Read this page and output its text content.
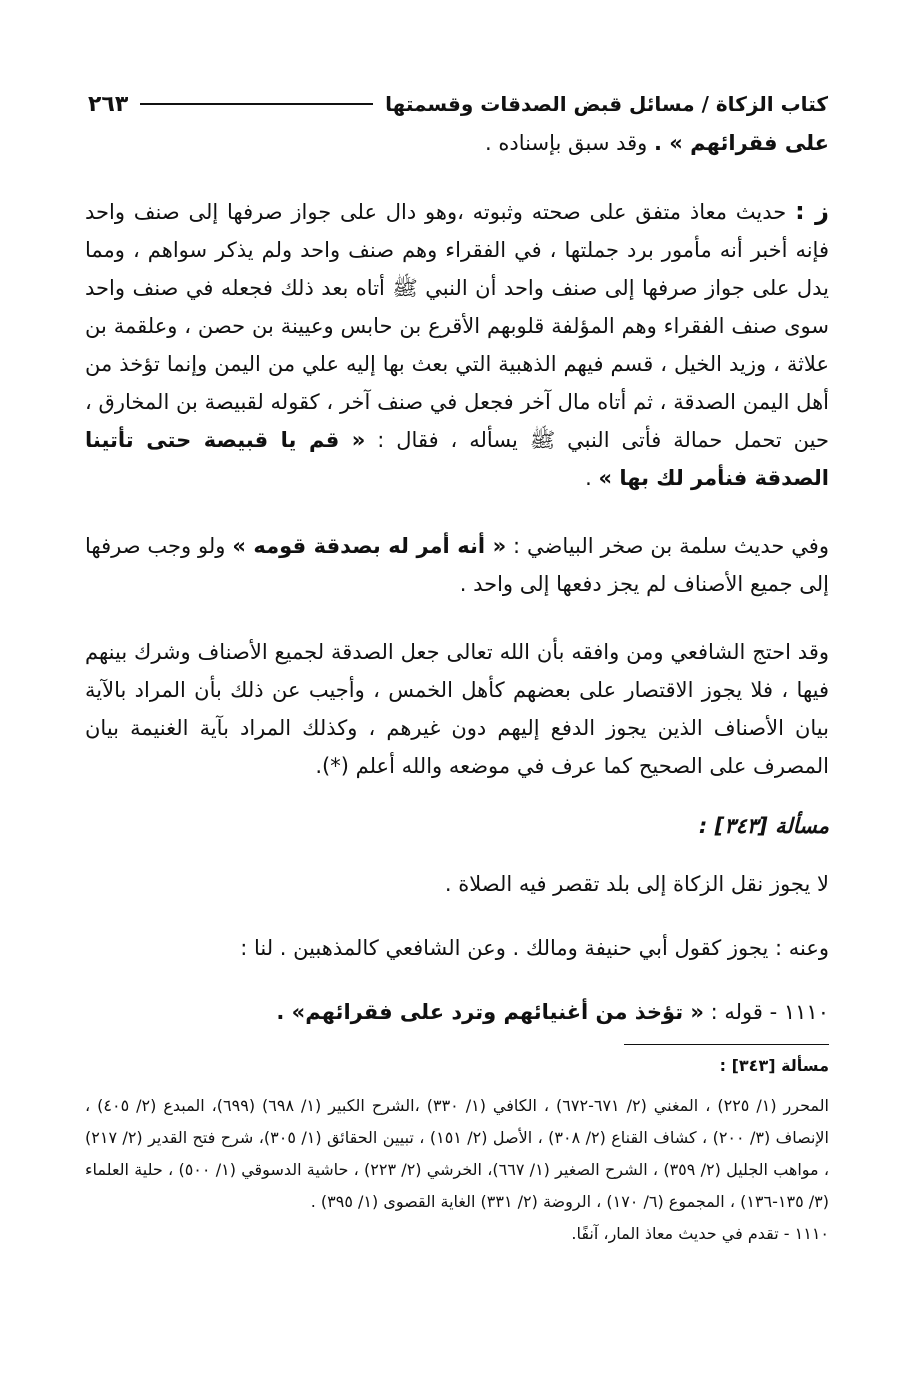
كتاب الزكاة / مسائل قبض الصدقات وقسمتها
٢٦٣

على فقرائهم » . وقد سبق بإسناده .

ز : حديث معاذ متفق على صحته وثبوته ،وهو دال على جواز صرفها إلى صنف واحد فإنه أخبر أنه مأمور برد جملتها ، في الفقراء وهم صنف واحد ولم يذكر سواهم ، ومما يدل على جواز صرفها إلى صنف واحد أن النبي ﷺ أتاه بعد ذلك فجعله في صنف واحد سوى صنف الفقراء وهم المؤلفة قلوبهم الأقرع بن حابس وعيينة بن حصن ، وعلقمة بن علاثة ، وزيد الخيل ، قسم فيهم الذهبية التي بعث بها إليه علي من اليمن وإنما تؤخذ من أهل اليمن الصدقة ، ثم أتاه مال آخر فجعل في صنف آخر ، كقوله لقبيصة بن المخارق ، حين تحمل حمالة فأتى النبي ﷺ يسأله ، فقال : « قم يا قبيصة حتى تأتينا الصدقة فنأمر لك بها » .

وفي حديث سلمة بن صخر البياضي : « أنه أمر له بصدقة قومه » ولو وجب صرفها إلى جميع الأصناف لم يجز دفعها إلى واحد .

وقد احتج الشافعي ومن وافقه بأن الله تعالى جعل الصدقة لجميع الأصناف وشرك بينهم فيها ، فلا يجوز الاقتصار على بعضهم كأهل الخمس ، وأجيب عن ذلك بأن المراد بالآية بيان الأصناف الذين يجوز الدفع إليهم دون غيرهم ، وكذلك المراد بآية الغنيمة بيان المصرف على الصحيح كما عرف في موضعه والله أعلم (*).

مسألة [٣٤٣] :

لا يجوز نقل الزكاة إلى بلد تقصر فيه الصلاة .

وعنه : يجوز كقول أبي حنيفة ومالك . وعن الشافعي كالمذهبين . لنا :

١١١٠ - قوله : « تؤخذ من أغنيائهم وترد على فقرائهم» .

مسألة [٣٤٣] :

المحرر (١/ ٢٢٥) ، المغني (٢/ ٦٧١-٦٧٢) ، الكافي (١/ ٣٣٠) ،الشرح الكبير (١/ ٦٩٨) (٦٩٩)، المبدع (٢/ ٤٠٥) ، الإنصاف (٣/ ٢٠٠) ، كشاف القناع (٢/ ٣٠٨) ، الأصل (٢/ ١٥١) ، تبيين الحقائق (١/ ٣٠٥)، شرح فتح القدير (٢/ ٢١٧) ، مواهب الجليل (٢/ ٣٥٩) ، الشرح الصغير (١/ ٦٦٧)، الخرشي (٢/ ٢٢٣) ، حاشية الدسوقي (١/ ٥٠٠) ، حلية العلماء (٣/ ١٣٥-١٣٦) ، المجموع (٦/ ١٧٠) ، الروضة (٢/ ٣٣١) الغاية القصوى (١/ ٣٩٥) .

١١١٠ - تقدم في حديث معاذ المار، آنفًا.
